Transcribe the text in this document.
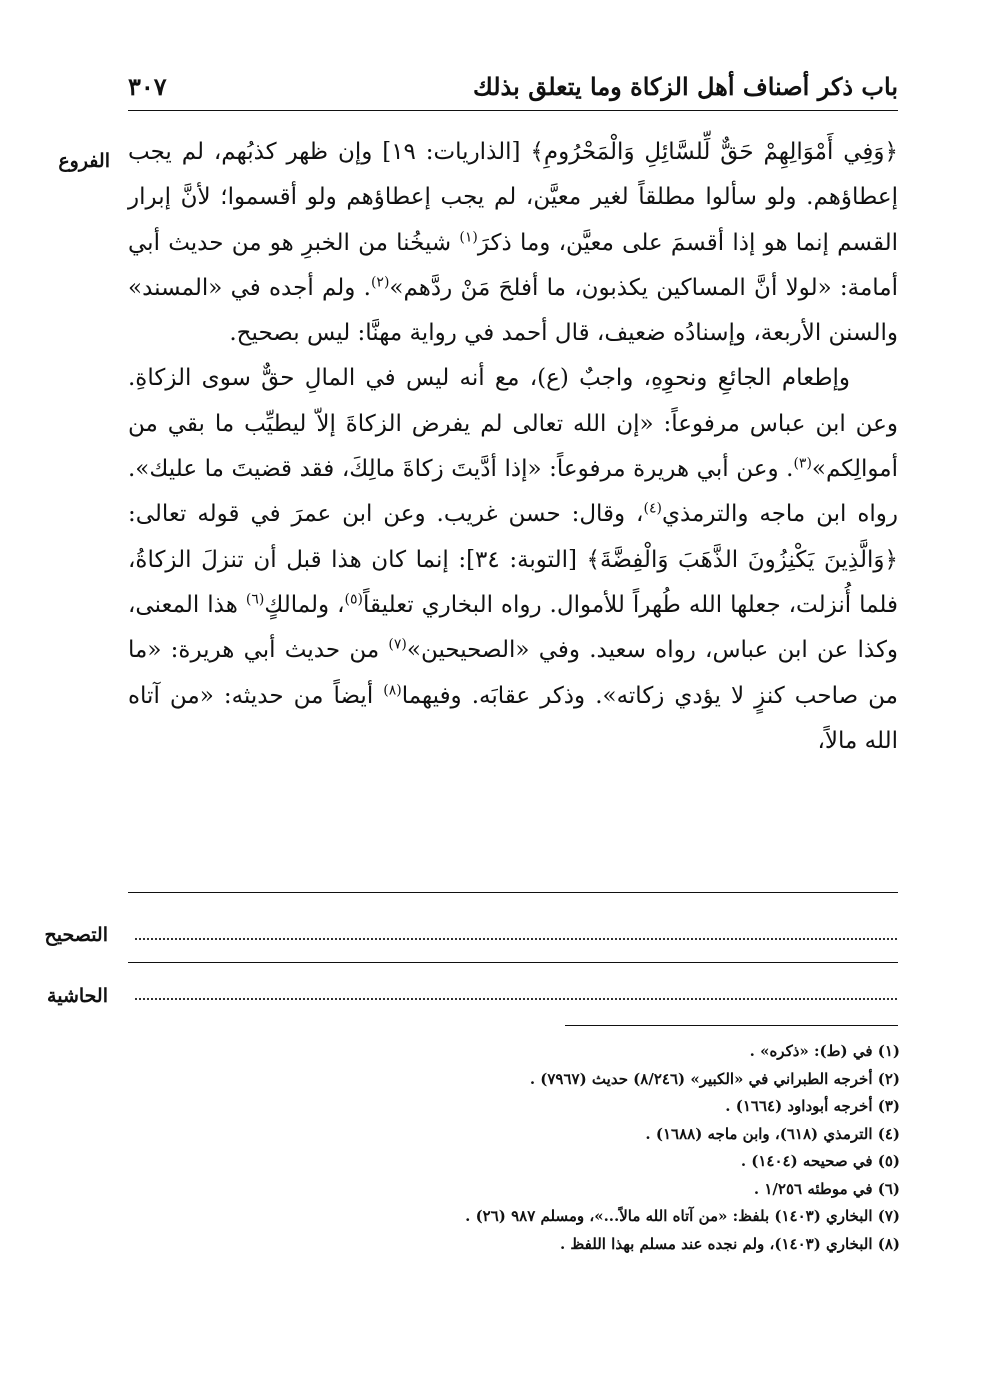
باب ذكر أصناف أهل الزكاة وما يتعلق بذلك
٣٠٧
الفروع ﴿وَفِي أَمْوَالِهِمْ حَقٌّ لِّلسَّائِلِ وَالْمَحْرُومِ﴾ [الذاريات: ١٩] وإن ظهر كذبُهم، لم يجب إعطاؤهم. ولو سألوا مطلقاً لغير معيَّن، لم يجب إعطاؤهم ولو أقسموا؛ لأنَّ إبرار القسم إنما هو إذا أقسمَ على معيَّن، وما ذكرَ$^{(١)}$ شيخُنا من الخبرِ هو من حديث أبي أمامة: «لولا أنَّ المساكين يكذبون، ما أفلحَ مَنْ ردَّهم»$^{(٢)}$. ولم أجده في «المسند» والسنن الأربعة، وإسنادُه ضعيف، قال أحمد في رواية مهنَّا: ليس بصحيح.

وإطعام الجائعِ ونحوِهِ، واجبٌ (ع)، مع أنه ليس في المالِ حقٌّ سوى الزكاةِ. وعن ابن عباس مرفوعاً: «إن الله تعالى لم يفرض الزكاةَ إلاّ ليطيِّب ما بقي من أموالِكم»$^{(٣)}$. وعن أبي هريرة مرفوعاً: «إذا أدَّيتَ زكاةَ مالِكَ، فقد قضيتَ ما عليك». رواه ابن ماجه والترمذي$^{(٤)}$، وقال: حسن غريب. وعن ابن عمرَ في قوله تعالى: ﴿وَالَّذِينَ يَكْنِزُونَ الذَّهَبَ وَالْفِضَّةَ﴾ [التوبة: ٣٤]: إنما كان هذا قبل أن تنزلَ الزكاةُ، فلما أُنزلت، جعلها الله طُهراً للأموال. رواه البخاري تعليقاً$^{(٥)}$، ولمالكٍ$^{(٦)}$ هذا المعنى، وكذا عن ابن عباس، رواه سعيد. وفي «الصحيحين»$^{(٧)}$ من حديث أبي هريرة: «ما من صاحب كنزٍ لا يؤدي زكاته». وذكر عقابَه. وفيهما$^{(٨)}$ أيضاً من حديثه: «من آتاه الله مالاً،

التصحيح
الحاشية
(١) في (ط): «ذكره» .
(٢) أخرجه الطبراني في «الكبير» (٨/٢٤٦) حديث (٧٩٦٧) .
(٣) أخرجه أبوداود (١٦٦٤) .
(٤) الترمذي (٦١٨)، وابن ماجه (١٦٨٨) .
(٥) في صحيحه (١٤٠٤) .
(٦) في موطئه ١/٢٥٦ .
(٧) البخاري (١٤٠٣) بلفظ: «من آتاه الله مالاً...»، ومسلم ٩٨٧ (٢٦) .
(٨) البخاري (١٤٠٣)، ولم نجده عند مسلم بهذا اللفظ .
